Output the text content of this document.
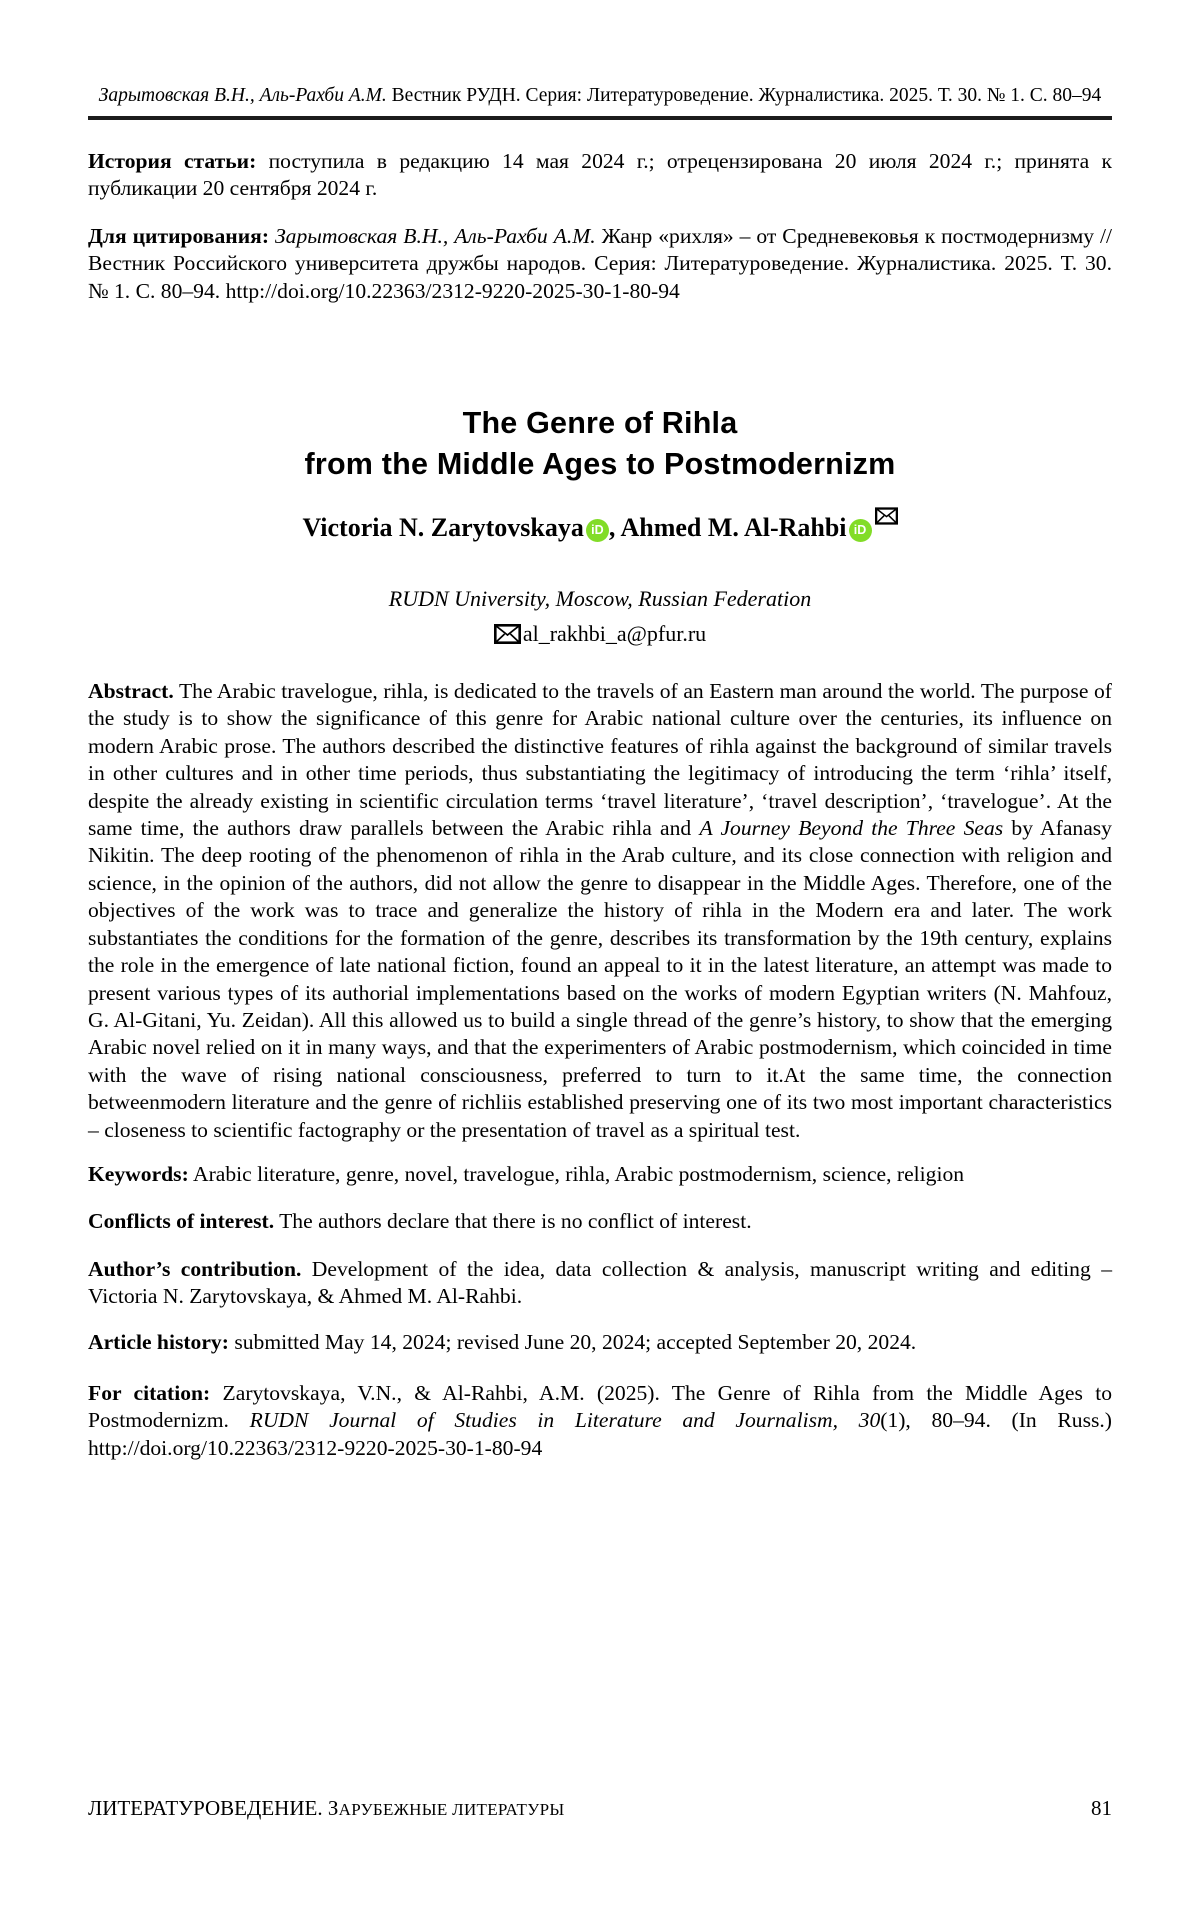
Зарытовская В.Н., Аль-Рахби А.М. Вестник РУДН. Серия: Литературоведение. Журналистика. 2025. Т. 30. № 1. С. 80–94

История статьи: поступила в редакцию 14 мая 2024 г.; отрецензирована 20 июля 2024 г.; принята к публикации 20 сентября 2024 г.

Для цитирования: Зарытовская В.Н., Аль-Рахби А.М. Жанр «рихля» – от Средневековья к постмодернизму // Вестник Российского университета дружбы народов. Серия: Литературоведение. Журналистика. 2025. Т. 30. № 1. С. 80–94. http://doi.org/10.22363/2312-9220-2025-30-1-80-94

The Genre of Rihla
from the Middle Ages to Postmodernizm
Victoria N. Zarytovskaya iD , Ahmed M. Al-Rahbi iD
RUDN University, Moscow, Russian Federation
al_rakhbi_a@pfur.ru

Abstract. The Arabic travelogue, rihla, is dedicated to the travels of an Eastern man around the world. The purpose of the study is to show the significance of this genre for Arabic national culture over the centuries, its influence on modern Arabic prose. The authors described the distinctive features of rihla against the background of similar travels in other cultures and in other time periods, thus substantiating the legitimacy of introducing the term ‘rihla’ itself, despite the already existing in scientific circulation terms ‘travel literature’, ‘travel description’, ‘travelogue’. At the same time, the authors draw parallels between the Arabic rihla and A Journey Beyond the Three Seas by Afanasy Nikitin. The deep rooting of the phenomenon of rihla in the Arab culture, and its close connection with religion and science, in the opinion of the authors, did not allow the genre to disappear in the Middle Ages. Therefore, one of the objectives of the work was to trace and generalize the history of rihla in the Modern era and later. The work substantiates the conditions for the formation of the genre, describes its transformation by the 19th century, explains the role in the emergence of late national fiction, found an appeal to it in the latest literature, an attempt was made to present various types of its authorial implementations based on the works of modern Egyptian writers (N. Mahfouz, G. Al-Gitani, Yu. Zeidan). All this allowed us to build a single thread of the genre’s history, to show that the emerging Arabic novel relied on it in many ways, and that the experimenters of Arabic postmodernism, which coincided in time with the wave of rising national consciousness, preferred to turn to it.At the same time, the connection betweenmodern literature and the genre of richliis established preserving one of its two most important characteristics – closeness to scientific factography or the presentation of travel as a spiritual test.

Keywords: Arabic literature, genre, novel, travelogue, rihla, Arabic postmodernism, science, religion

Conflicts of interest. The authors declare that there is no conflict of interest.

Author’s contribution. Development of the idea, data collection & analysis, manuscript writing and editing – Victoria N. Zarytovskaya, & Ahmed M. Al-Rahbi.

Article history: submitted May 14, 2024; revised June 20, 2024; accepted September 20, 2024.

For citation: Zarytovskaya, V.N., & Al-Rahbi, A.M. (2025). The Genre of Rihla from the Middle Ages to Postmodernizm. RUDN Journal of Studies in Literature and Journalism, 30(1), 80–94. (In Russ.) http://doi.org/10.22363/2312-9220-2025-30-1-80-94

ЛИТЕРАТУРОВЕДЕНИЕ. ЗАРУБЕЖНЫЕ ЛИТЕРАТУРЫ	81
